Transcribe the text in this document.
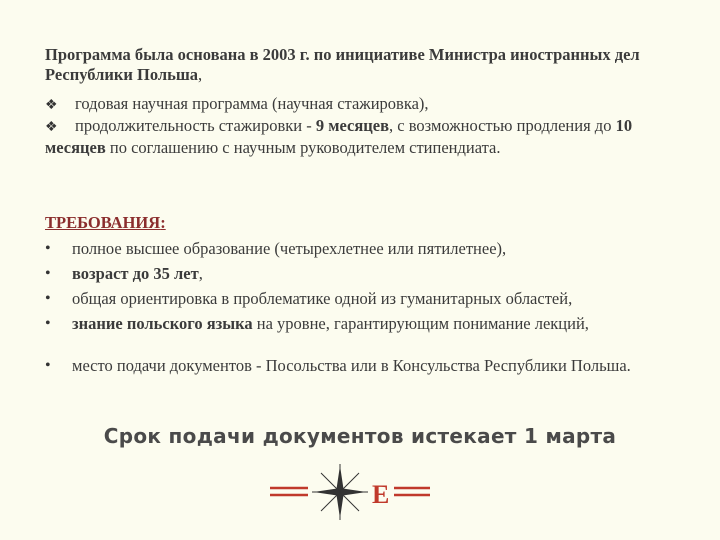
Программа была основана в 2003 г. по инициативе Министра иностранных дел Республики Польша,
❖ годовая научная программа (научная стажировка),
❖ продолжительность стажировки - 9 месяцев, с возможностью продления до 10 месяцев по соглашению с научным руководителем стипендиата.
ТРЕБОВАНИЯ:
• полное высшее образование (четырехлетнее или пятилетнее),
• возраст до 35 лет,
• общая ориентировка в проблематике одной из гуманитарных областей,
• знание польского языка на уровне, гарантирующим понимание лекций,
• место подачи документов - Посольства или в Консульства Республики Польша.
Срок подачи документов истекает 1 марта
E
